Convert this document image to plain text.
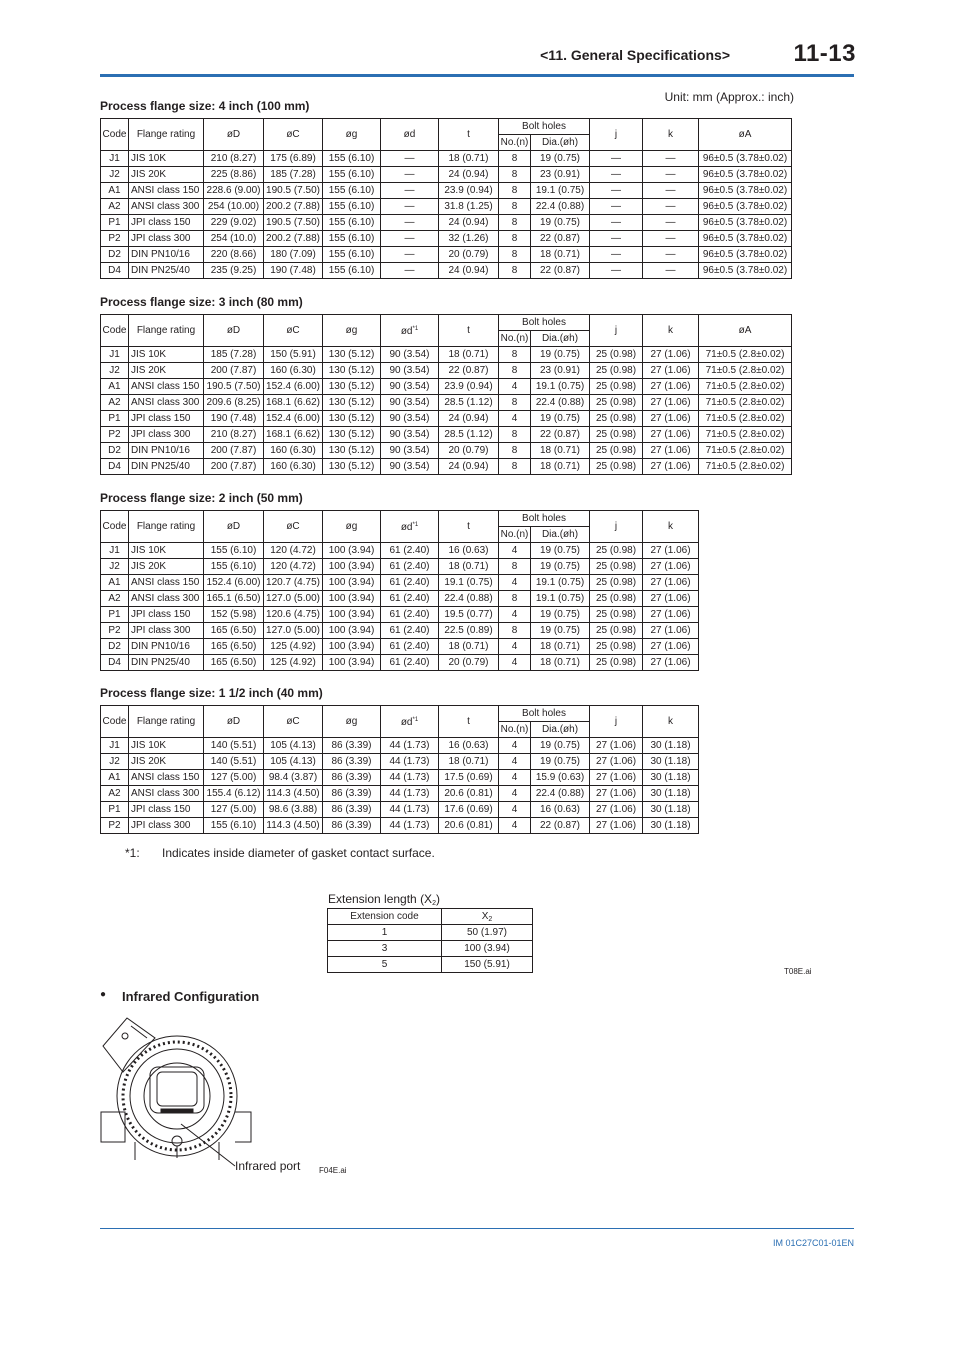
<11. General Specifications>	11-13
Unit: mm (Approx.: inch)
Process flange size: 4 inch (100 mm)
Code	Flange rating	øD	øC	øg	ød	t	Bolt holes		j	k	øA
							No.(n)	Dia.(øh)			
J1	JIS 10K	210 (8.27)	175 (6.89)	155 (6.10)	—	18 (0.71)	8	19 (0.75)	—	—	96±0.5 (3.78±0.02)
J2	JIS 20K	225 (8.86)	185 (7.28)	155 (6.10)	—	24 (0.94)	8	23 (0.91)	—	—	96±0.5 (3.78±0.02)
A1	ANSI class 150	228.6 (9.00)	190.5 (7.50)	155 (6.10)	—	23.9 (0.94)	8	19.1 (0.75)	—	—	96±0.5 (3.78±0.02)
A2	ANSI class 300	254 (10.00)	200.2 (7.88)	155 (6.10)	—	31.8 (1.25)	8	22.4 (0.88)	—	—	96±0.5 (3.78±0.02)
P1	JPI class 150	229 (9.02)	190.5 (7.50)	155 (6.10)	—	24 (0.94)	8	19 (0.75)	—	—	96±0.5 (3.78±0.02)
P2	JPI class 300	254 (10.0)	200.2 (7.88)	155 (6.10)	—	32 (1.26)	8	22 (0.87)	—	—	96±0.5 (3.78±0.02)
D2	DIN PN10/16	220 (8.66)	180 (7.09)	155 (6.10)	—	20 (0.79)	8	18 (0.71)	—	—	96±0.5 (3.78±0.02)
D4	DIN PN25/40	235 (9.25)	190 (7.48)	155 (6.10)	—	24 (0.94)	8	22 (0.87)	—	—	96±0.5 (3.78±0.02)
Process flange size: 3 inch (80 mm)
Code	Flange rating	øD	øC	øg	$ød^{*1}$	t	Bolt holes		j	k	øA
							No.(n)	Dia.(øh)			
J1	JIS 10K	185 (7.28)	150 (5.91)	130 (5.12)	90 (3.54)	18 (0.71)	8	19 (0.75)	25 (0.98)	27 (1.06)	71±0.5 (2.8±0.02)
J2	JIS 20K	200 (7.87)	160 (6.30)	130 (5.12)	90 (3.54)	22 (0.87)	8	23 (0.91)	25 (0.98)	27 (1.06)	71±0.5 (2.8±0.02)
A1	ANSI class 150	190.5 (7.50)	152.4 (6.00)	130 (5.12)	90 (3.54)	23.9 (0.94)	4	19.1 (0.75)	25 (0.98)	27 (1.06)	71±0.5 (2.8±0.02)
A2	ANSI class 300	209.6 (8.25)	168.1 (6.62)	130 (5.12)	90 (3.54)	28.5 (1.12)	8	22.4 (0.88)	25 (0.98)	27 (1.06)	71±0.5 (2.8±0.02)
P1	JPI class 150	190 (7.48)	152.4 (6.00)	130 (5.12)	90 (3.54)	24 (0.94)	4	19 (0.75)	25 (0.98)	27 (1.06)	71±0.5 (2.8±0.02)
P2	JPI class 300	210 (8.27)	168.1 (6.62)	130 (5.12)	90 (3.54)	28.5 (1.12)	8	22 (0.87)	25 (0.98)	27 (1.06)	71±0.5 (2.8±0.02)
D2	DIN PN10/16	200 (7.87)	160 (6.30)	130 (5.12)	90 (3.54)	20 (0.79)	8	18 (0.71)	25 (0.98)	27 (1.06)	71±0.5 (2.8±0.02)
D4	DIN PN25/40	200 (7.87)	160 (6.30)	130 (5.12)	90 (3.54)	24 (0.94)	8	18 (0.71)	25 (0.98)	27 (1.06)	71±0.5 (2.8±0.02)
Process flange size: 2 inch (50 mm)
Code	Flange rating	øD	øC	øg	$ød^{*1}$	t	Bolt holes		j	k
							No.(n)	Dia.(øh)		
J1	JIS 10K	155 (6.10)	120 (4.72)	100 (3.94)	61 (2.40)	16 (0.63)	4	19 (0.75)	25 (0.98)	27 (1.06)
J2	JIS 20K	155 (6.10)	120 (4.72)	100 (3.94)	61 (2.40)	18 (0.71)	8	19 (0.75)	25 (0.98)	27 (1.06)
A1	ANSI class 150	152.4 (6.00)	120.7 (4.75)	100 (3.94)	61 (2.40)	19.1 (0.75)	4	19.1 (0.75)	25 (0.98)	27 (1.06)
A2	ANSI class 300	165.1 (6.50)	127.0 (5.00)	100 (3.94)	61 (2.40)	22.4 (0.88)	8	19.1 (0.75)	25 (0.98)	27 (1.06)
P1	JPI class 150	152 (5.98)	120.6 (4.75)	100 (3.94)	61 (2.40)	19.5 (0.77)	4	19 (0.75)	25 (0.98)	27 (1.06)
P2	JPI class 300	165 (6.50)	127.0 (5.00)	100 (3.94)	61 (2.40)	22.5 (0.89)	8	19 (0.75)	25 (0.98)	27 (1.06)
D2	DIN PN10/16	165 (6.50)	125 (4.92)	100 (3.94)	61 (2.40)	18 (0.71)	4	18 (0.71)	25 (0.98)	27 (1.06)
D4	DIN PN25/40	165 (6.50)	125 (4.92)	100 (3.94)	61 (2.40)	20 (0.79)	4	18 (0.71)	25 (0.98)	27 (1.06)
Process flange size: 1 1/2 inch (40 mm)
Code	Flange rating	øD	øC	øg	$ød^{*1}$	t	Bolt holes		j	k
							No.(n)	Dia.(øh)		
J1	JIS 10K	140 (5.51)	105 (4.13)	86 (3.39)	44 (1.73)	16 (0.63)	4	19 (0.75)	27 (1.06)	30 (1.18)
J2	JIS 20K	140 (5.51)	105 (4.13)	86 (3.39)	44 (1.73)	18 (0.71)	4	19 (0.75)	27 (1.06)	30 (1.18)
A1	ANSI class 150	127 (5.00)	98.4 (3.87)	86 (3.39)	44 (1.73)	17.5 (0.69)	4	15.9 (0.63)	27 (1.06)	30 (1.18)
A2	ANSI class 300	155.4 (6.12)	114.3 (4.50)	86 (3.39)	44 (1.73)	20.6 (0.81)	4	22.4 (0.88)	27 (1.06)	30 (1.18)
P1	JPI class 150	127 (5.00)	98.6 (3.88)	86 (3.39)	44 (1.73)	17.6 (0.69)	4	16 (0.63)	27 (1.06)	30 (1.18)
P2	JPI class 300	155 (6.10)	114.3 (4.50)	86 (3.39)	44 (1.73)	20.6 (0.81)	4	22 (0.87)	27 (1.06)	30 (1.18)
*1: Indicates inside diameter of gasket contact surface.
Extension length $(X_2)$
Extension code	$X_2$
1	50 (1.97)
3	100 (3.94)
5	150 (5.91)
T08E.ai
● Infrared Configuration
Infrared port F04E.ai
IM 01C27C01-01EN
